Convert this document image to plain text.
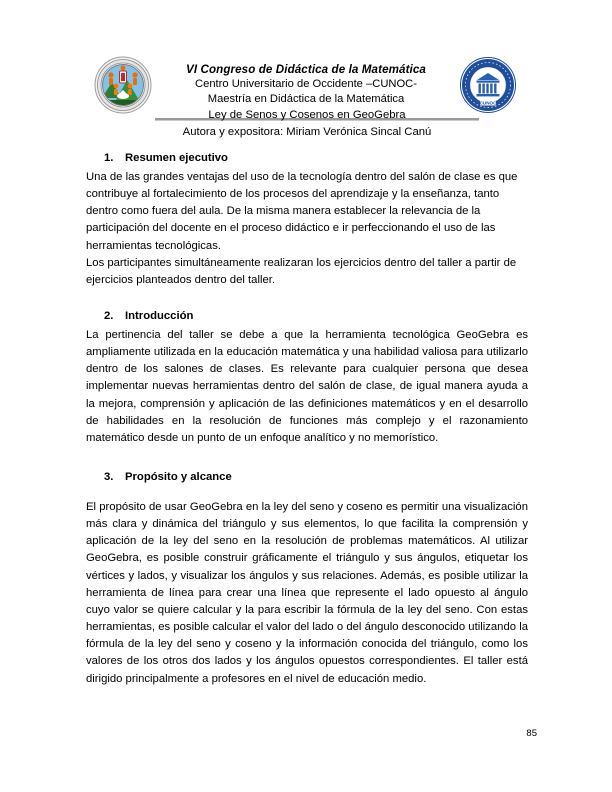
VI Congreso de Didáctica de la Matemática
Centro Universitario de Occidente –CUNOC-
Maestría en Didáctica de la Matemática	CUNOC
Ley de Senos y Cosenos en GeoGebra
Autora y expositora: Miriam Verónica Sincal Canú
1. Resumen ejecutivo

Una de las grandes ventajas del uso de la tecnología dentro del salón de clase es que contribuye al fortalecimiento de los procesos del aprendizaje y la enseñanza, tanto dentro como fuera del aula. De la misma manera establecer la relevancia de la participación del docente en el proceso didáctico e ir perfeccionando el uso de las herramientas tecnológicas.

Los participantes simultáneamente realizaran los ejercicios dentro del taller a partir de ejercicios planteados dentro del taller.

2. Introducción

La pertinencia del taller se debe a que la herramienta tecnológica GeoGebra es ampliamente utilizada en la educación matemática y una habilidad valiosa para utilizarlo dentro de los salones de clases. Es relevante para cualquier persona que desea implementar nuevas herramientas dentro del salón de clase, de igual manera ayuda a la mejora, comprensión y aplicación de las definiciones matemáticos y en el desarrollo de habilidades en la resolución de funciones más complejo y el razonamiento matemático desde un punto de un enfoque analítico y no memorístico.

3. Propósito y alcance

El propósito de usar GeoGebra en la ley del seno y coseno es permitir una visualización más clara y dinámica del triángulo y sus elementos, lo que facilita la comprensión y aplicación de la ley del seno en la resolución de problemas matemáticos. Al utilizar GeoGebra, es posible construir gráficamente el triángulo y sus ángulos, etiquetar los vértices y lados, y visualizar los ángulos y sus relaciones. Además, es posible utilizar la herramienta de línea para crear una línea que represente el lado opuesto al ángulo cuyo valor se quiere calcular y la para escribir la fórmula de la ley del seno. Con estas herramientas, es posible calcular el valor del lado o del ángulo desconocido utilizando la fórmula de la ley del seno y coseno y la información conocida del triángulo, como los valores de los otros dos lados y los ángulos opuestos correspondientes. El taller está dirigido principalmente a profesores en el nivel de educación medio.

85
